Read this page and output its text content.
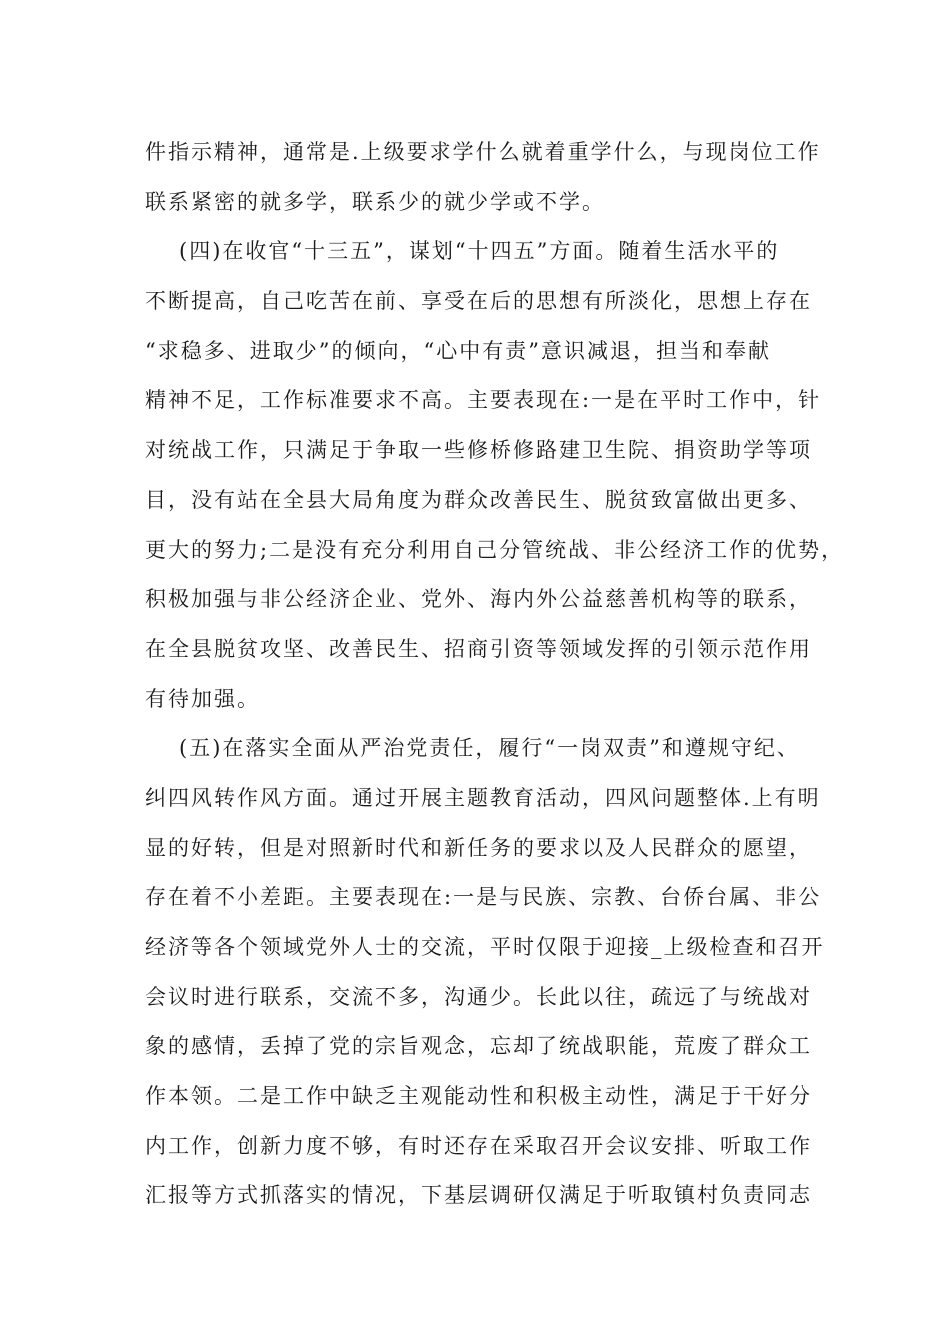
件指示精神，通常是.上级要求学什么就着重学什么，与现岗位工作
联系紧密的就多学，联系少的就少学或不学。
(四)在收官“十三五”，谋划“十四五”方面。随着生活水平的
不断提高，自己吃苦在前、享受在后的思想有所淡化，思想上存在
“求稳多、进取少”的倾向，“心中有责”意识减退，担当和奉献
精神不足，工作标准要求不高。主要表现在:一是在平时工作中，针
对统战工作，只满足于争取一些修桥修路建卫生院、捐资助学等项
目，没有站在全县大局角度为群众改善民生、脱贫致富做出更多、
更大的努力;二是没有充分利用自己分管统战、非公经济工作的优势，
积极加强与非公经济企业、党外、海内外公益慈善机构等的联系，
在全县脱贫攻坚、改善民生、招商引资等领域发挥的引领示范作用
有待加强。
(五)在落实全面从严治党责任，履行“一岗双责”和遵规守纪、
纠四风转作风方面。通过开展主题教育活动，四风问题整体.上有明
显的好转，但是对照新时代和新任务的要求以及人民群众的愿望，
存在着不小差距。主要表现在:一是与民族、宗教、台侨台属、非公
经济等各个领域党外人士的交流，平时仅限于迎接_上级检查和召开
会议时进行联系，交流不多，沟通少。长此以往，疏远了与统战对
象的感情，丢掉了党的宗旨观念，忘却了统战职能，荒废了群众工
作本领。二是工作中缺乏主观能动性和积极主动性，满足于干好分
内工作，创新力度不够，有时还存在采取召开会议安排、听取工作
汇报等方式抓落实的情况，下基层调研仅满足于听取镇村负责同志
